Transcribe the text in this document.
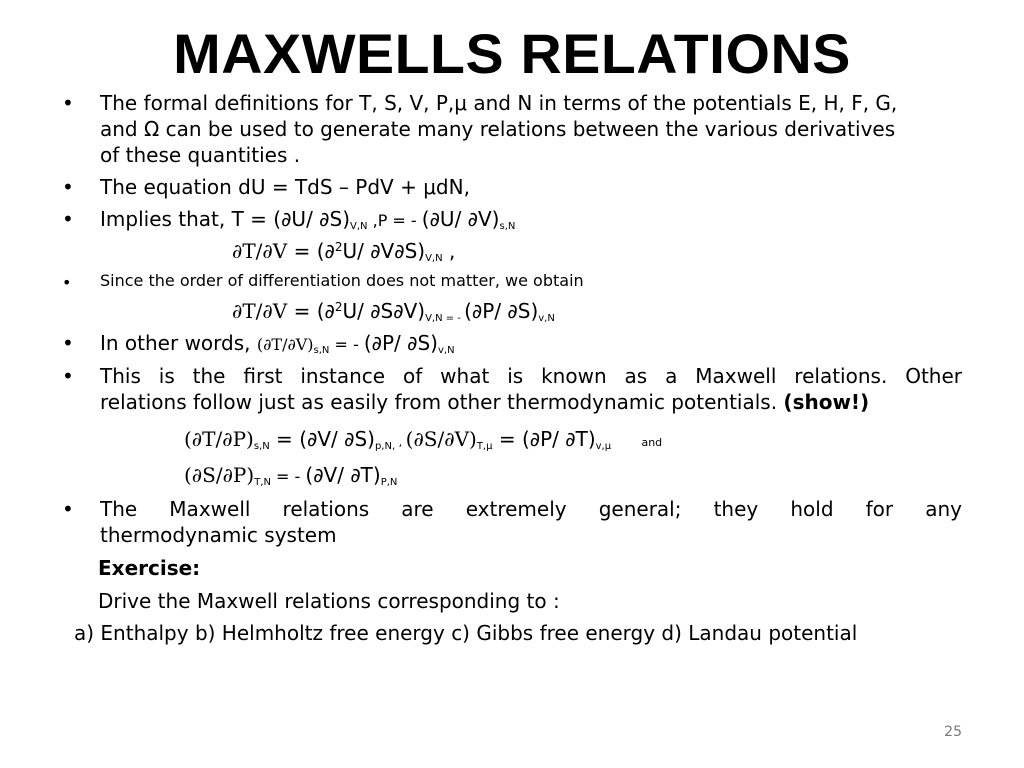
MAXWELLS RELATIONS
• The formal definitions for T, S, V, P,μ and N in terms of the potentials E, H, F, G,
and Ω can be used to generate many relations between the various derivatives
of these quantities .
• The equation dU = TdS – PdV + μdN,
• Implies that, T = (∂U/ ∂S)V,N ,P = - (∂U/ ∂V)s,N
∂T/∂V = (∂$^2$U/ ∂V∂S)V,N ,
• Since the order of differentiation does not matter, we obtain
∂T/∂V = (∂$^2$U/ ∂S∂V)V,N = - (∂P/ ∂S)v,N
• In other words, (∂T/∂V)s,N = - (∂P/ ∂S)v,N
• This is the first instance of what is known as a Maxwell relations. Other
relations follow just as easily from other thermodynamic potentials. (show!)
(∂T/∂P)s,N = (∂V/ ∂S)p,N, , (∂S/∂V)T,μ = (∂P/ ∂T)v,μ	and
(∂S/∂P)T,N = - (∂V/ ∂T)P,N
• The Maxwell relations are extremely general; they hold for any
thermodynamic system
Exercise:
Drive the Maxwell relations corresponding to :
a) Enthalpy b) Helmholtz free energy c) Gibbs free energy d) Landau potential
25
